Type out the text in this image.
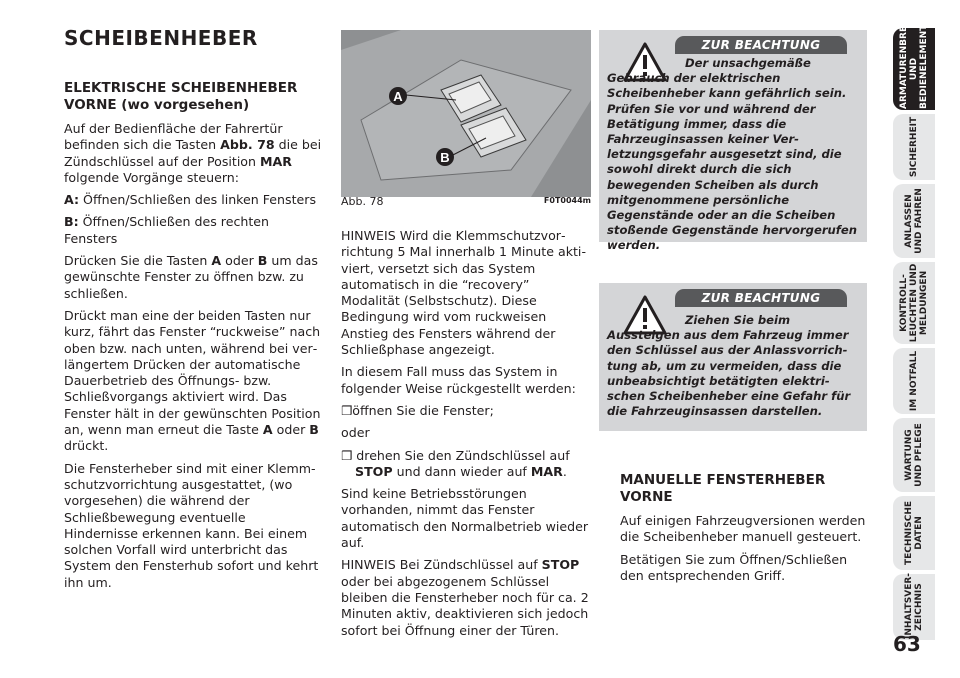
SCHEIBENHEBER
ELEKTRISCHE SCHEIBENHEBER VORNE (wo vorgesehen)

Auf der Bedienfläche der Fahrertür befinden sich die Tasten Abb. 78 die bei Zündschlüssel auf der Position MAR folgende Vorgänge steuern:

A: Öffnen/Schließen des linken Fensters

B: Öffnen/Schließen des rechten Fensters

Drücken Sie die Tasten A oder B um das gewünschte Fenster zu öffnen bzw. zu schließen.

Drückt man eine der beiden Tasten nur kurz, fährt das Fenster “ruckweise” nach oben bzw. nach unten, während bei verlängertem Drücken der automatische Dauerbetrieb des Öffnungs- bzw. Schließvorgangs aktiviert wird. Das Fenster hält in der gewünschten Position an, wenn man erneut die Taste A oder B drückt.

Die Fensterheber sind mit einer Klemmschutzvorrichtung ausgestattet, (wo vorgesehen) die während der Schließbewegung eventuelle Hindernisse erkennen kann. Bei einem solchen Vorfall wird unterbricht das System den Fensterhub sofort und kehrt ihn um.

A
B
Abb. 78	F0T0044m

HINWEIS Wird die Klemmschutzvorrichtung 5 Mal innerhalb 1 Minute aktiviert, versetzt sich das System automatisch in die “recovery” Modalität (Selbstschutz). Diese Bedingung wird vom ruckweisen Anstieg des Fensters während der Schließphase angezeigt.

In diesem Fall muss das System in folgender Weise rückgestellt werden:

❒öffnen Sie die Fenster;

oder

❒ drehen Sie den Zündschlüssel auf STOP und dann wieder auf MAR.

Sind keine Betriebsstörungen vorhanden, nimmt das Fenster automatisch den Normalbetrieb wieder auf.

HINWEIS Bei Zündschlüssel auf STOP oder bei abgezogenem Schlüssel bleiben die Fensterheber noch für ca. 2 Minuten aktiv, deaktivieren sich jedoch sofort bei Öffnung einer der Türen.

ZUR BEACHTUNG
Der unsachgemäße Gebrauch der elektrischen Scheibenheber kann gefährlich sein. Prüfen Sie vor und während der Betätigung immer, dass die Fahrzeuginsassen keiner Verletzungsgefahr ausgesetzt sind, die sowohl direkt durch die sich bewegenden Scheiben als durch mitgenommene persönliche Gegenstände oder an die Scheiben stoßende Gegenstände hervorgerufen werden.
ZUR BEACHTUNG
Ziehen Sie beim Aussteigen aus dem Fahrzeug immer den Schlüssel aus der Anlassvorrichtung ab, um zu vermeiden, dass die unbeabsichtigt betätigten elektrischen Scheibenheber eine Gefahr für die Fahrzeuginsassen darstellen.
MANUELLE FENSTERHEBER VORNE

Auf einigen Fahrzeugversionen werden die Scheibenheber manuell gesteuert.

Betätigen Sie zum Öffnen/Schließen den entsprechenden Griff.

ARMATURENBRETT UND BEDIENELEMENTE
SICHERHEIT
ANLASSEN UND FAHREN
KONTROLL- LEUCHTEN UND MELDUNGEN
IM NOTFALL
WARTUNG UND PFLEGE
TECHNISCHE DATEN
INHALTSVER- ZEICHNIS
63
